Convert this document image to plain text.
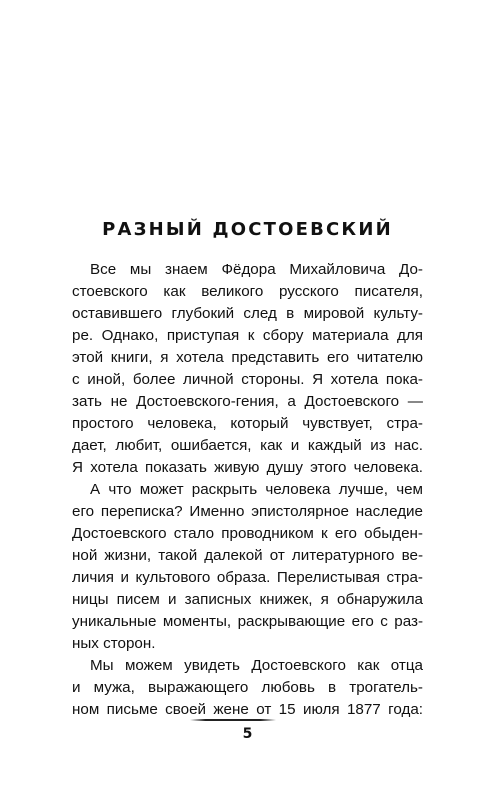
РАЗНЫЙ ДОСТОЕВСКИЙ
Все мы знаем Фёдора Михайловича До-
стоевского как великого русского писателя,
оставившего глубокий след в мировой культу-
ре. Однако, приступая к сбору материала для
этой книги, я хотела представить его читателю
с иной, более личной стороны. Я хотела пока-
зать не Достоевского-гения, а Достоевского —
простого человека, который чувствует, стра-
дает, любит, ошибается, как и каждый из нас.
Я хотела показать живую душу этого человека.
А что может раскрыть человека лучше, чем
его переписка? Именно эпистолярное наследие
Достоевского стало проводником к его обыден-
ной жизни, такой далекой от литературного ве-
личия и культового образа. Перелистывая стра-
ницы писем и записных книжек, я обнаружила
уникальные моменты, раскрывающие его с раз-
ных сторон.
Мы можем увидеть Достоевского как отца
и мужа, выражающего любовь в трогатель-
ном письме своей жене от 15 июля 1877 года:
5
